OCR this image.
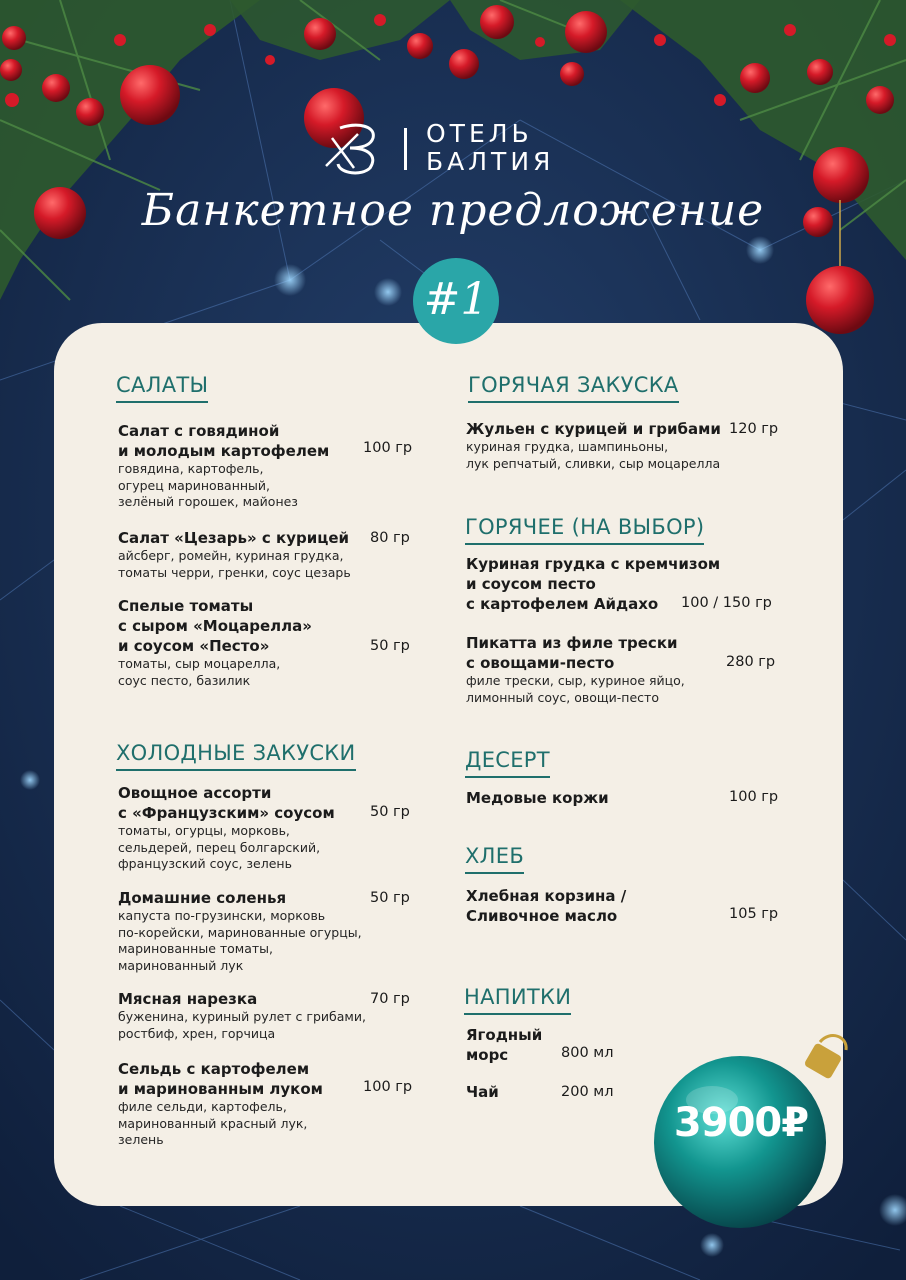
ОТЕЛЬ
БАЛТИЯ
Банкетное предложение
#1
САЛАТЫ
Салат с говядиной
и молодым картофелем
говядина, картофель,
огурец маринованный,
зелёный горошек, майонез
100 гр
Салат «Цезарь» с курицей
айсберг, ромейн, куриная грудка,
томаты черри, гренки, соус цезарь
80 гр
Спелые томаты
с сыром «Моцарелла»
и соусом «Песто»
томаты, сыр моцарелла,
соус песто, базилик
50 гр
ХОЛОДНЫЕ ЗАКУСКИ
Овощное ассорти
с «Французским» соусом
томаты, огурцы, морковь,
сельдерей, перец болгарский,
французский соус, зелень
50 гр
Домашние соленья
капуста по-грузински, морковь
по-корейски, маринованные огурцы,
маринованные томаты,
маринованный лук
50 гр
Мясная нарезка
буженина, куриный рулет с грибами,
ростбиф, хрен, горчица
70 гр
Сельдь с картофелем
и маринованным луком
филе сельди, картофель,
маринованный красный лук,
зелень
100 гр
ГОРЯЧАЯ ЗАКУСКА
Жульен с курицей и грибами
куриная грудка, шампиньоны,
лук репчатый, сливки, сыр моцарелла
120 гр
ГОРЯЧЕЕ (НА ВЫБОР)
Куриная грудка с кремчизом
и соусом песто
с картофелем Айдахо	100 / 150 гр
Пикатта из филе трески
с овощами-песто
филе трески, сыр, куриное яйцо,
лимонный соус, овощи-песто
280 гр
ДЕСЕРТ
Медовые коржи	100 гр
ХЛЕБ
Хлебная корзина /
Сливочное масло	105 гр
НАПИТКИ
Ягодный
морс	800 мл
Чай	200 мл
3900₽
